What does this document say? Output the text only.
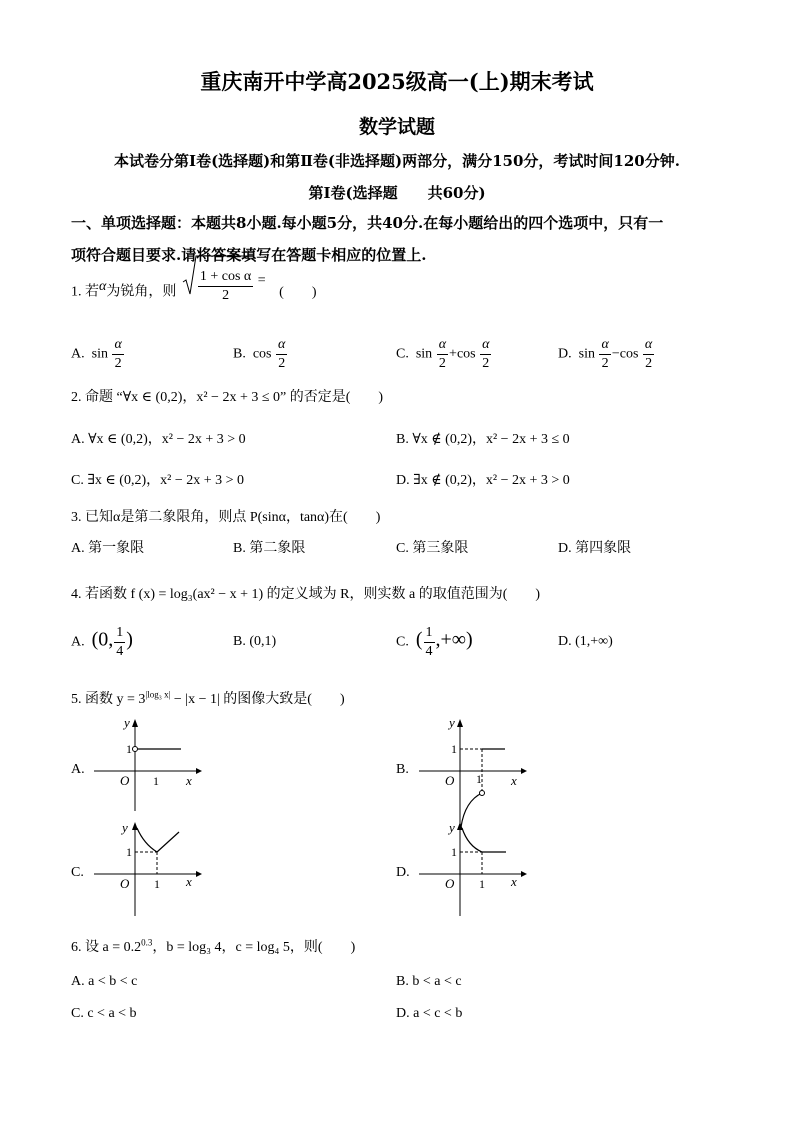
重庆南开中学高2025级高一(上)期末考试
数学试题
本试卷分第Ⅰ卷(选择题)和第Ⅱ卷(非选择题)两部分，满分150分，考试时间120分钟.
第Ⅰ卷(选择题　　共60分)
一、单项选择题：本题共8小题.每小题5分，共40分.在每小题给出的四个选项中，只有一
项符合题目要求.请将答案填写在答题卡相应的位置上.
1. 若α为锐角，则 $\frac{\text{1 + cos α}}{2}$ = (　　)
A. $\sin \frac{\alpha}{2}$	B. $\cos \frac{\alpha}{2}$	C. $\sin \frac{\alpha}{2} +\cos \frac{\alpha}{2}$	D. $\sin \frac{\alpha}{2} -\cos \frac{\alpha}{2}$
2. 命题 “∀x ∈ (0,2)，x² − 2x + 3 ≤ 0” 的否定是(　　)
A. ∀x ∈ (0,2)，x² − 2x + 3 > 0	B. ∀x ∉ (0,2)，x² − 2x + 3 ≤ 0
C. ∃x ∈ (0,2)，x² − 2x + 3 > 0	D. ∃x ∉ (0,2)，x² − 2x + 3 > 0
3. 已知α是第二象限角，则点 P(sinα，tanα)在(　　)
A. 第一象限	B. 第二象限	C. 第三象限	D. 第四象限
4. 若函数 f (x) = log₃(ax² − x + 1) 的定义域为 R，则实数 a 的取值范围为(　　)
A. (0, $\frac{1}{4}$ )	B. (0,1)	C. ( $\frac{1}{4}$ ,+∞)	D. (1,+∞)
5. 函数 $y = 3^{|log_3 x|} - |x - 1|$ 的图像大致是(　　)
A.
y
x
O
1
1
B.
y
x
O
1
1
C.
y
x
O
1
1
D.
y
x
O
1
1
6. 设 $a = 0.2^{0.3}$，b = log₃ 4，c = log₄ 5，则(　　)
A. a < b < c	B. b < a < c
C. c < a < b	D. a < c < b
